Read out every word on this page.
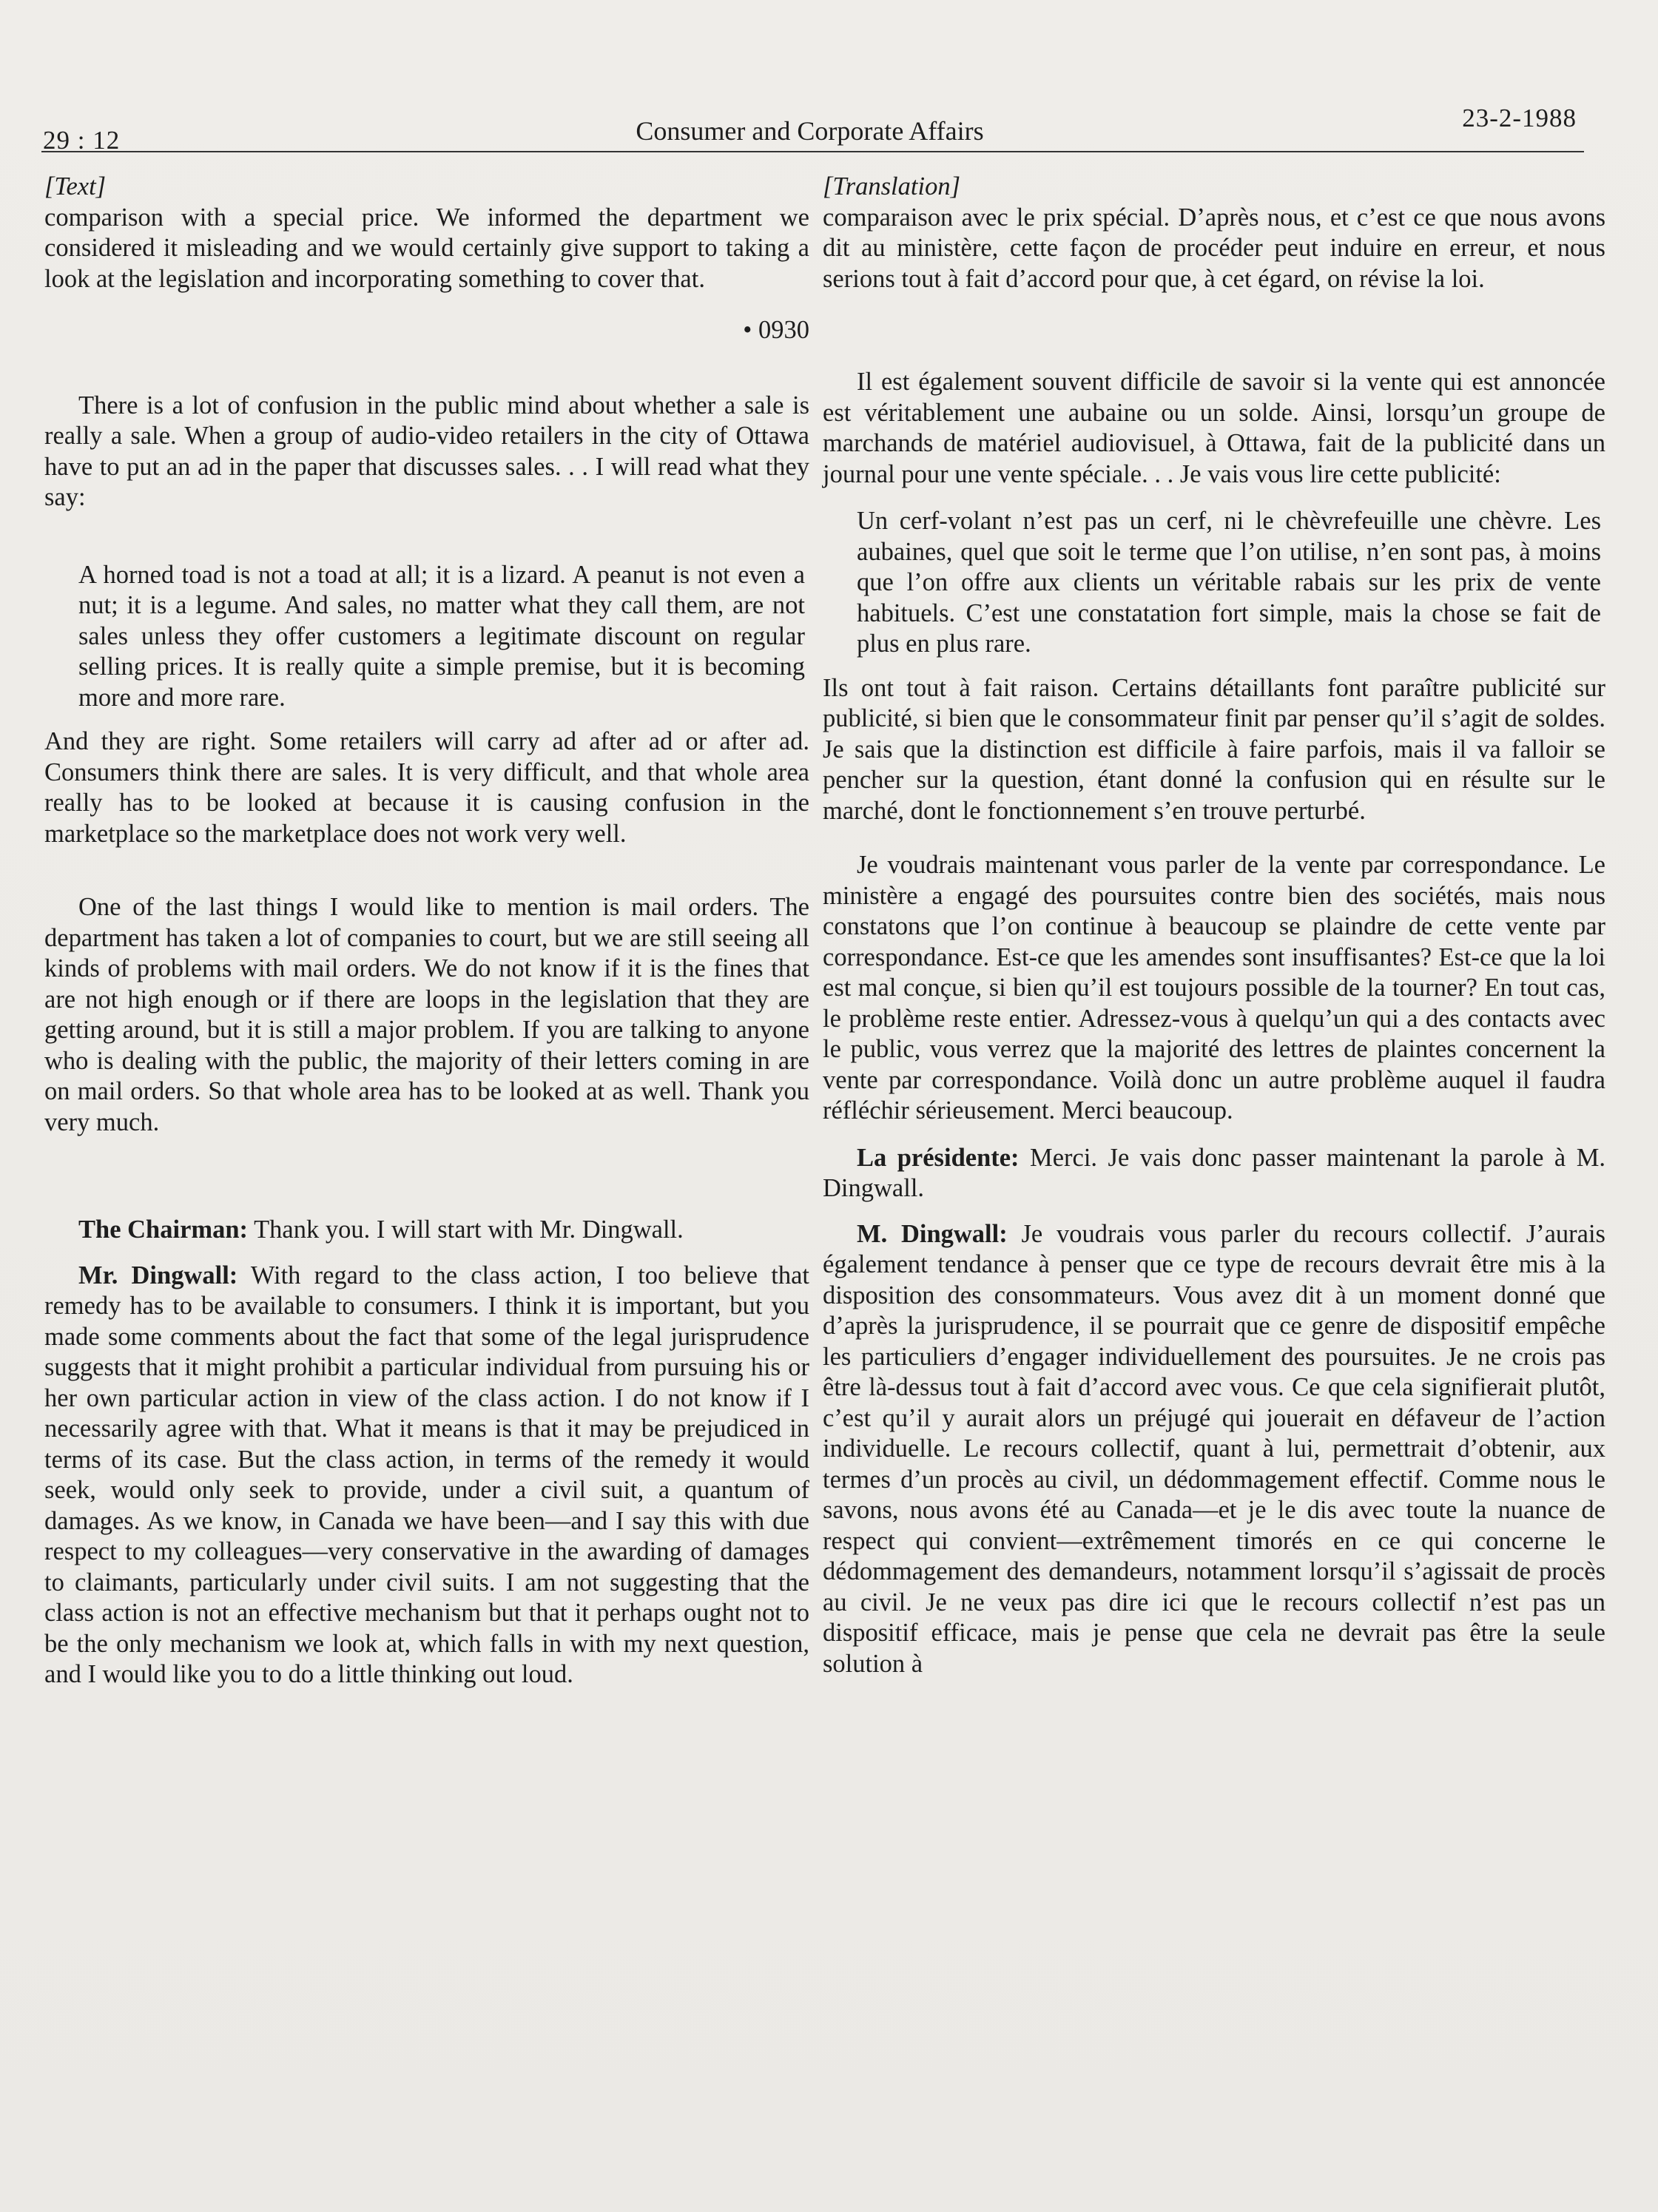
29 : 12	Consumer and Corporate Affairs	23-2-1988

[Text]

comparison with a special price. We informed the department we considered it misleading and we would certainly give support to taking a look at the legislation and incorporating something to cover that.

• 0930

There is a lot of confusion in the public mind about whether a sale is really a sale. When a group of audio-video retailers in the city of Ottawa have to put an ad in the paper that discusses sales. . . I will read what they say:

A horned toad is not a toad at all; it is a lizard. A peanut is not even a nut; it is a legume. And sales, no matter what they call them, are not sales unless they offer customers a legitimate discount on regular selling prices. It is really quite a simple premise, but it is becoming more and more rare.

And they are right. Some retailers will carry ad after ad or after ad. Consumers think there are sales. It is very difficult, and that whole area really has to be looked at because it is causing confusion in the marketplace so the marketplace does not work very well.

One of the last things I would like to mention is mail orders. The department has taken a lot of companies to court, but we are still seeing all kinds of problems with mail orders. We do not know if it is the fines that are not high enough or if there are loops in the legislation that they are getting around, but it is still a major problem. If you are talking to anyone who is dealing with the public, the majority of their letters coming in are on mail orders. So that whole area has to be looked at as well. Thank you very much.

The Chairman: Thank you. I will start with Mr. Dingwall.

Mr. Dingwall: With regard to the class action, I too believe that remedy has to be available to consumers. I think it is important, but you made some comments about the fact that some of the legal jurisprudence suggests that it might prohibit a particular individual from pursuing his or her own particular action in view of the class action. I do not know if I necessarily agree with that. What it means is that it may be prejudiced in terms of its case. But the class action, in terms of the remedy it would seek, would only seek to provide, under a civil suit, a quantum of damages. As we know, in Canada we have been—and I say this with due respect to my colleagues—very conservative in the awarding of damages to claimants, particularly under civil suits. I am not suggesting that the class action is not an effective mechanism but that it perhaps ought not to be the only mechanism we look at, which falls in with my next question, and I would like you to do a little thinking out loud.

[Translation]

comparaison avec le prix spécial. D’après nous, et c’est ce que nous avons dit au ministère, cette façon de procéder peut induire en erreur, et nous serions tout à fait d’accord pour que, à cet égard, on révise la loi.

Il est également souvent difficile de savoir si la vente qui est annoncée est véritablement une aubaine ou un solde. Ainsi, lorsqu’un groupe de marchands de matériel audiovisuel, à Ottawa, fait de la publicité dans un journal pour une vente spéciale. . . Je vais vous lire cette publicité:

Un cerf-volant n’est pas un cerf, ni le chèvrefeuille une chèvre. Les aubaines, quel que soit le terme que l’on utilise, n’en sont pas, à moins que l’on offre aux clients un véritable rabais sur les prix de vente habituels. C’est une constatation fort simple, mais la chose se fait de plus en plus rare.

Ils ont tout à fait raison. Certains détaillants font paraître publicité sur publicité, si bien que le consommateur finit par penser qu’il s’agit de soldes. Je sais que la distinction est difficile à faire parfois, mais il va falloir se pencher sur la question, étant donné la confusion qui en résulte sur le marché, dont le fonctionnement s’en trouve perturbé.

Je voudrais maintenant vous parler de la vente par correspondance. Le ministère a engagé des poursuites contre bien des sociétés, mais nous constatons que l’on continue à beaucoup se plaindre de cette vente par correspondance. Est-ce que les amendes sont insuffisantes? Est-ce que la loi est mal conçue, si bien qu’il est toujours possible de la tourner? En tout cas, le problème reste entier. Adressez-vous à quelqu’un qui a des contacts avec le public, vous verrez que la majorité des lettres de plaintes concernent la vente par correspondance. Voilà donc un autre problème auquel il faudra réfléchir sérieusement. Merci beaucoup.

La présidente: Merci. Je vais donc passer maintenant la parole à M. Dingwall.

M. Dingwall: Je voudrais vous parler du recours collectif. J’aurais également tendance à penser que ce type de recours devrait être mis à la disposition des consommateurs. Vous avez dit à un moment donné que d’après la jurisprudence, il se pourrait que ce genre de dispositif empêche les particuliers d’engager individuellement des poursuites. Je ne crois pas être là-dessus tout à fait d’accord avec vous. Ce que cela signifierait plutôt, c’est qu’il y aurait alors un préjugé qui jouerait en défaveur de l’action individuelle. Le recours collectif, quant à lui, permettrait d’obtenir, aux termes d’un procès au civil, un dédommagement effectif. Comme nous le savons, nous avons été au Canada—et je le dis avec toute la nuance de respect qui convient—extrêmement timorés en ce qui concerne le dédommagement des demandeurs, notamment lorsqu’il s’agissait de procès au civil. Je ne veux pas dire ici que le recours collectif n’est pas un dispositif efficace, mais je pense que cela ne devrait pas être la seule solution à
